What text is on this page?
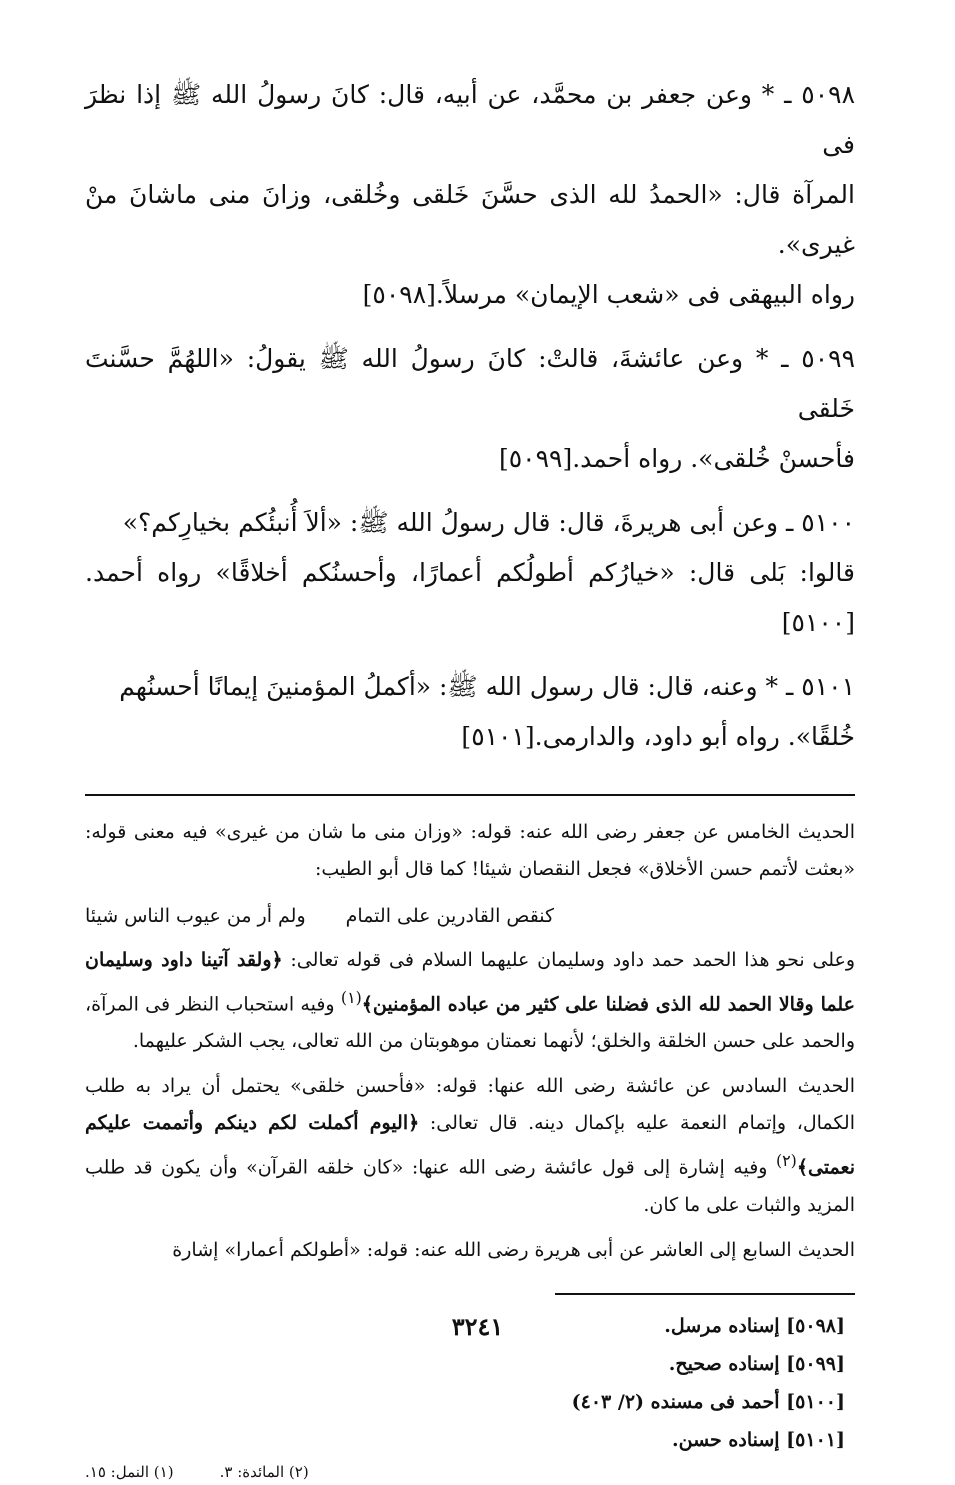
٥٠٩٨ ـ * وعن جعفر بن محمَّد، عن أبيه، قال: كانَ رسولُ الله ﷺ إذا نظرَ فى
المرآة قال: «الحمدُ لله الذى حسَّنَ خَلقى وخُلقى، وزانَ منى ماشانَ منْ غيرى».
رواه البيهقى فى «شعب الإيمان» مرسلاً.[٥٠٩٨]
٥٠٩٩ ـ * وعن عائشةَ، قالتْ: كانَ رسولُ الله ﷺ يقولُ: «اللهُمَّ حسَّنتَ خَلقى
فأحسنْ خُلقى». رواه أحمد.[٥٠٩٩]
٥١٠٠ ـ وعن أبى هريرةَ، قال: قال رسولُ الله ﷺ: «ألاَ أُنبئُكم بخيارِكم؟»
قالوا: بَلى قال: «خيارُكم أطولُكم أعمارًا، وأحسنُكم أخلاقًا» رواه أحمد.[٥١٠٠]
٥١٠١ ـ * وعنه، قال: قال رسول الله ﷺ: «أكملُ المؤمنينَ إيمانًا أحسنُهم
خُلقًا». رواه أبو داود، والدارمى.[٥١٠١]

الحديث الخامس عن جعفر رضى الله عنه: قوله: «وزان منى ما شان من غيرى» فيه معنى قوله: «بعثت لأتمم حسن الأخلاق» فجعل النقصان شيئا! كما قال أبو الطيب:

ولم أر من عيوب الناس شيئا كنقص القادرين على التمام

وعلى نحو هذا الحمد حمد داود وسليمان عليهما السلام فى قوله تعالى: ﴿ولقد آتينا داود وسليمان علما وقالا الحمد لله الذى فضلنا على كثير من عباده المؤمنين﴾$^{(١)}$ وفيه استحباب النظر فى المرآة، والحمد على حسن الخلقة والخلق؛ لأنهما نعمتان موهوبتان من الله تعالى، يجب الشكر عليهما.

الحديث السادس عن عائشة رضى الله عنها: قوله: «فأحسن خلقى» يحتمل أن يراد به طلب الكمال، وإتمام النعمة عليه بإكمال دينه. قال تعالى: ﴿اليوم أكملت لكم دينكم وأتممت عليكم نعمتى﴾$^{(٢)}$ وفيه إشارة إلى قول عائشة رضى الله عنها: «كان خلقه القرآن» وأن يكون قد طلب المزيد والثبات على ما كان.

الحديث السابع إلى العاشر عن أبى هريرة رضى الله عنه: قوله: «أطولكم أعمارا» إشارة

[٥٠٩٨] إسناده مرسل.
[٥٠٩٩] إسناده صحيح.
[٥١٠٠] أحمد فى مسنده (٢/ ٤٠٣)
[٥١٠١] إسناده حسن.
(١) النمل: ١٥.	(٢) المائدة: ٣.
٣٢٤١
